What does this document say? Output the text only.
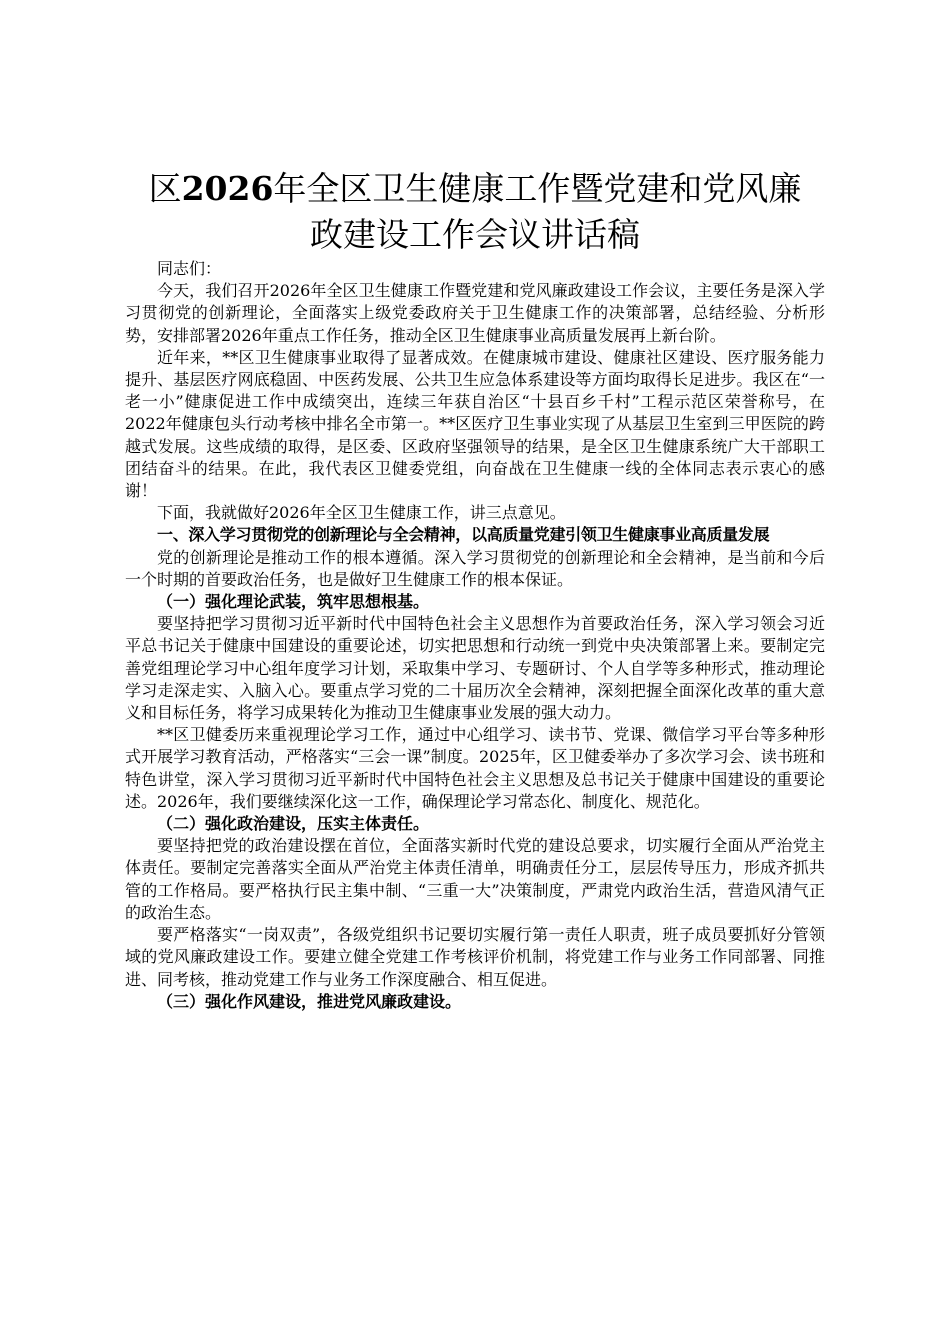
区2026年全区卫生健康工作暨党建和党风廉
政建设工作会议讲话稿

同志们：

今天，我们召开2026年全区卫生健康工作暨党建和党风廉政建设工作会议，主要任务是深入学习贯彻党的创新理论，全面落实上级党委政府关于卫生健康工作的决策部署，总结经验、分析形势，安排部署2026年重点工作任务，推动全区卫生健康事业高质量发展再上新台阶。

近年来，**区卫生健康事业取得了显著成效。在健康城市建设、健康社区建设、医疗服务能力提升、基层医疗网底稳固、中医药发展、公共卫生应急体系建设等方面均取得长足进步。我区在“一老一小”健康促进工作中成绩突出，连续三年获自治区“十县百乡千村”工程示范区荣誉称号，在2022年健康包头行动考核中排名全市第一。**区医疗卫生事业实现了从基层卫生室到三甲医院的跨越式发展。这些成绩的取得，是区委、区政府坚强领导的结果，是全区卫生健康系统广大干部职工团结奋斗的结果。在此，我代表区卫健委党组，向奋战在卫生健康一线的全体同志表示衷心的感谢！

下面，我就做好2026年全区卫生健康工作，讲三点意见。

一、深入学习贯彻党的创新理论与全会精神，以高质量党建引领卫生健康事业高质量发展

党的创新理论是推动工作的根本遵循。深入学习贯彻党的创新理论和全会精神，是当前和今后一个时期的首要政治任务，也是做好卫生健康工作的根本保证。

（一）强化理论武装，筑牢思想根基。

要坚持把学习贯彻习近平新时代中国特色社会主义思想作为首要政治任务，深入学习领会习近平总书记关于健康中国建设的重要论述，切实把思想和行动统一到党中央决策部署上来。要制定完善党组理论学习中心组年度学习计划，采取集中学习、专题研讨、个人自学等多种形式，推动理论学习走深走实、入脑入心。要重点学习党的二十届历次全会精神，深刻把握全面深化改革的重大意义和目标任务，将学习成果转化为推动卫生健康事业发展的强大动力。

**区卫健委历来重视理论学习工作，通过中心组学习、读书节、党课、微信学习平台等多种形式开展学习教育活动，严格落实“三会一课”制度。2025年，区卫健委举办了多次学习会、读书班和特色讲堂，深入学习贯彻习近平新时代中国特色社会主义思想及总书记关于健康中国建设的重要论述。2026年，我们要继续深化这一工作，确保理论学习常态化、制度化、规范化。

（二）强化政治建设，压实主体责任。

要坚持把党的政治建设摆在首位，全面落实新时代党的建设总要求，切实履行全面从严治党主体责任。要制定完善落实全面从严治党主体责任清单，明确责任分工，层层传导压力，形成齐抓共管的工作格局。要严格执行民主集中制、“三重一大”决策制度，严肃党内政治生活，营造风清气正的政治生态。

要严格落实“一岗双责”，各级党组织书记要切实履行第一责任人职责，班子成员要抓好分管领域的党风廉政建设工作。要建立健全党建工作考核评价机制，将党建工作与业务工作同部署、同推进、同考核，推动党建工作与业务工作深度融合、相互促进。

（三）强化作风建设，推进党风廉政建设。
